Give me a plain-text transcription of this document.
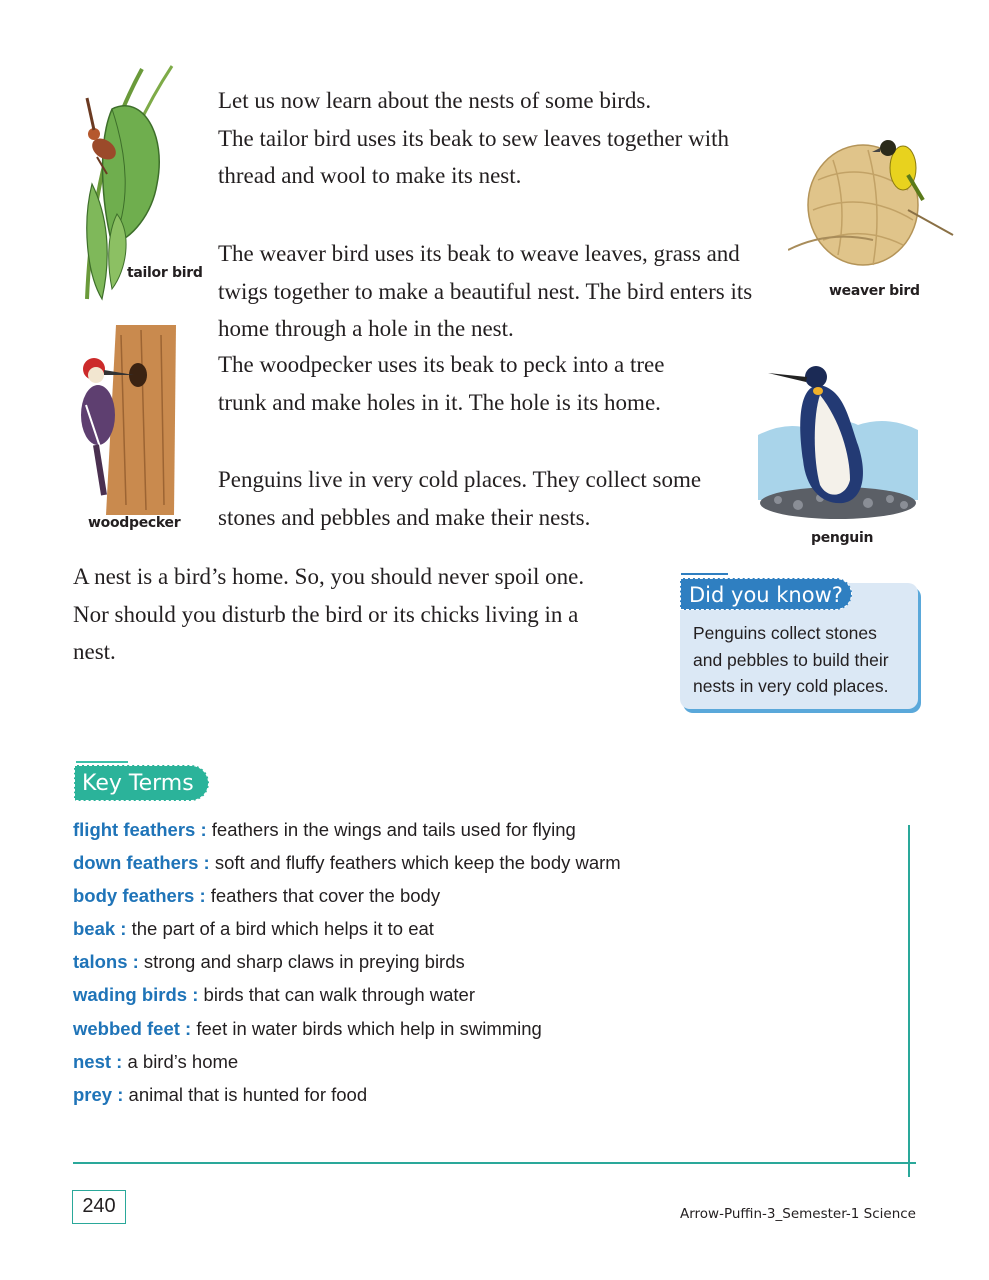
tailor bird
weaver bird
woodpecker
penguin
Let us now learn about the nests of some birds.
The tailor bird uses its beak to sew leaves together with
thread and wool to make its nest.
The weaver bird uses its beak to weave leaves, grass and
twigs together to make a beautiful nest. The bird enters its
home through a hole in the nest.
The woodpecker uses its beak to peck into a tree
trunk and make holes in it. The hole is its home.
Penguins live in very cold places. They collect some
stones and pebbles and make their nests.
A nest is a bird’s home. So, you should never spoil one.
Nor should you disturb the bird or its chicks living in a
nest.
Did you know?
Penguins collect stones
and pebbles to build their
nests in very cold places.
Key Terms
flight feathers : feathers in the wings and tails used for flying
down feathers : soft and fluffy feathers which keep the body warm
body feathers : feathers that cover the body
beak : the part of a bird which helps it to eat
talons : strong and sharp claws in preying birds
wading birds : birds that can walk through water
webbed feet : feet in water birds which help in swimming
nest : a bird’s home
prey : animal that is hunted for food
240	Arrow-Puffin-3_Semester-1 Science
